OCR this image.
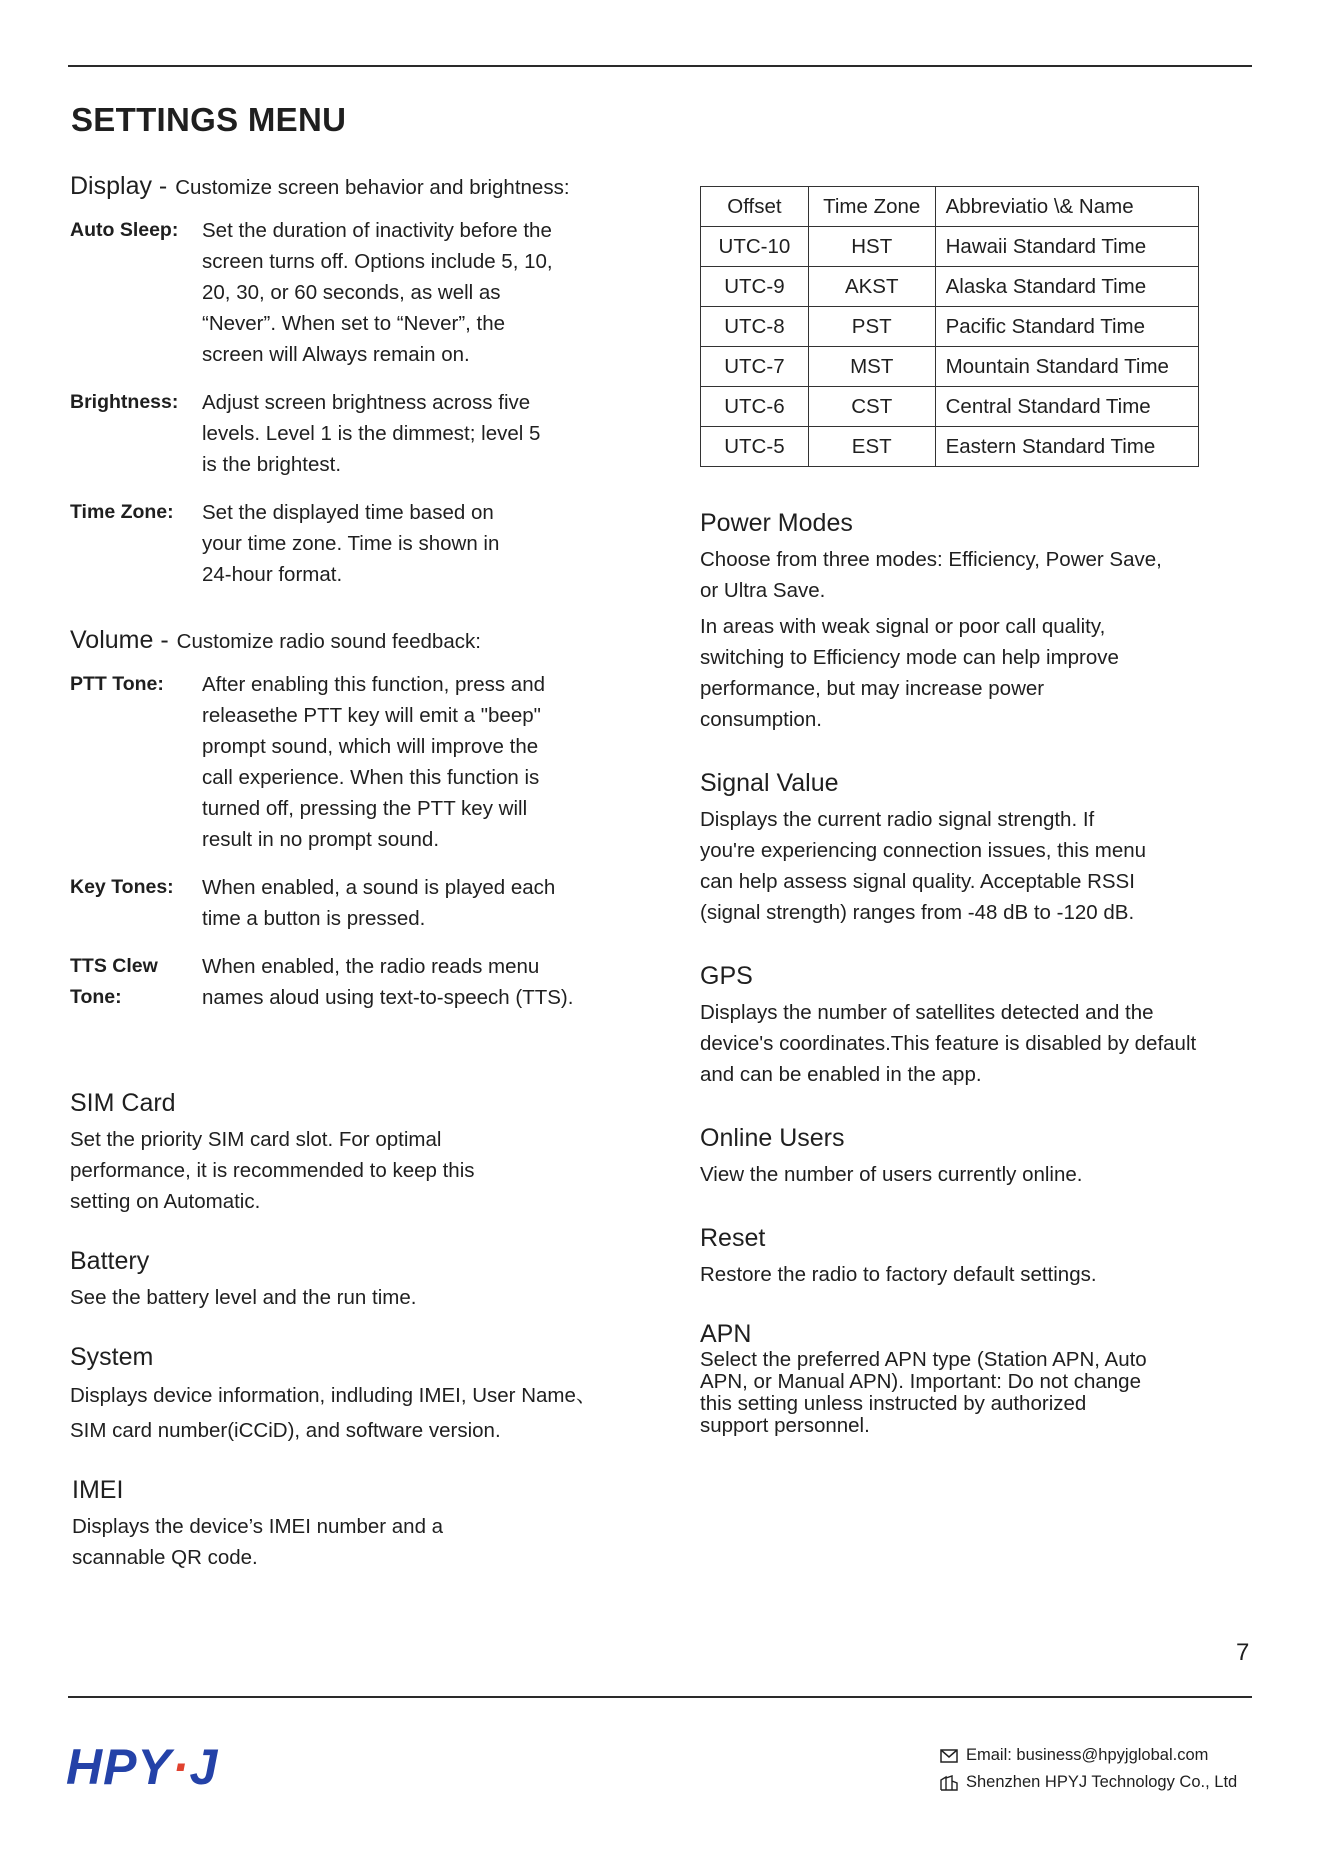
SETTINGS MENU
Display - Customize screen behavior and brightness:
Auto Sleep:	Set the duration of inactivity before the
screen turns off. Options include 5, 10,
20, 30, or 60 seconds, as well as
“Never”. When set to “Never”, the
screen will Always remain on.
Brightness:	Adjust screen brightness across five
levels. Level 1 is the dimmest; level 5
is the brightest.
Time Zone:	Set the displayed time based on
your time zone. Time is shown in
24-hour format.
Volume - Customize radio sound feedback:
PTT Tone:	After enabling this function, press and
releasethe PTT key will emit a "beep"
prompt sound, which will improve the
call experience. When this function is
turned off, pressing the PTT key will
result in no prompt sound.
Key Tones:	When enabled, a sound is played each
time a button is pressed.
TTS Clew Tone:
When enabled, the radio reads menu
names aloud using text-to-speech (TTS).
SIM Card
Set the priority SIM card slot. For optimal
performance, it is recommended to keep this
setting on Automatic.
Battery
See the battery level and the run time.
System
Displays device information, indluding IMEI, User Name、
SIM card number(iCCiD), and software version.
IMEI
Displays the device’s IMEI number and a
scannable QR code.
Offset	Time Zone	Abbreviatio \& Name
UTC-10	HST	Hawaii Standard Time
UTC-9	AKST	Alaska Standard Time
UTC-8	PST	Pacific Standard Time
UTC-7	MST	Mountain Standard Time
UTC-6	CST	Central Standard Time
UTC-5	EST	Eastern Standard Time
Power Modes
Choose from three modes: Efficiency, Power Save,
or Ultra Save.
In areas with weak signal or poor call quality,
switching to Efficiency mode can help improve
performance, but may increase power
consumption.
Signal Value
Displays the current radio signal strength. If
you're experiencing connection issues, this menu
can help assess signal quality. Acceptable RSSI
(signal strength) ranges from -48 dB to -120 dB.
GPS
Displays the number of satellites detected and the
device's coordinates.This feature is disabled by default
and can be enabled in the app.
Online Users
View the number of users currently online.
Reset
Restore the radio to factory default settings.
APN
Select the preferred APN type (Station APN, Auto
APN, or Manual APN). Important: Do not change
this setting unless instructed by authorized
support personnel.
7
HPY·J	Email: business@hpyjglobal.com
Shenzhen HPYJ Technology Co., Ltd
